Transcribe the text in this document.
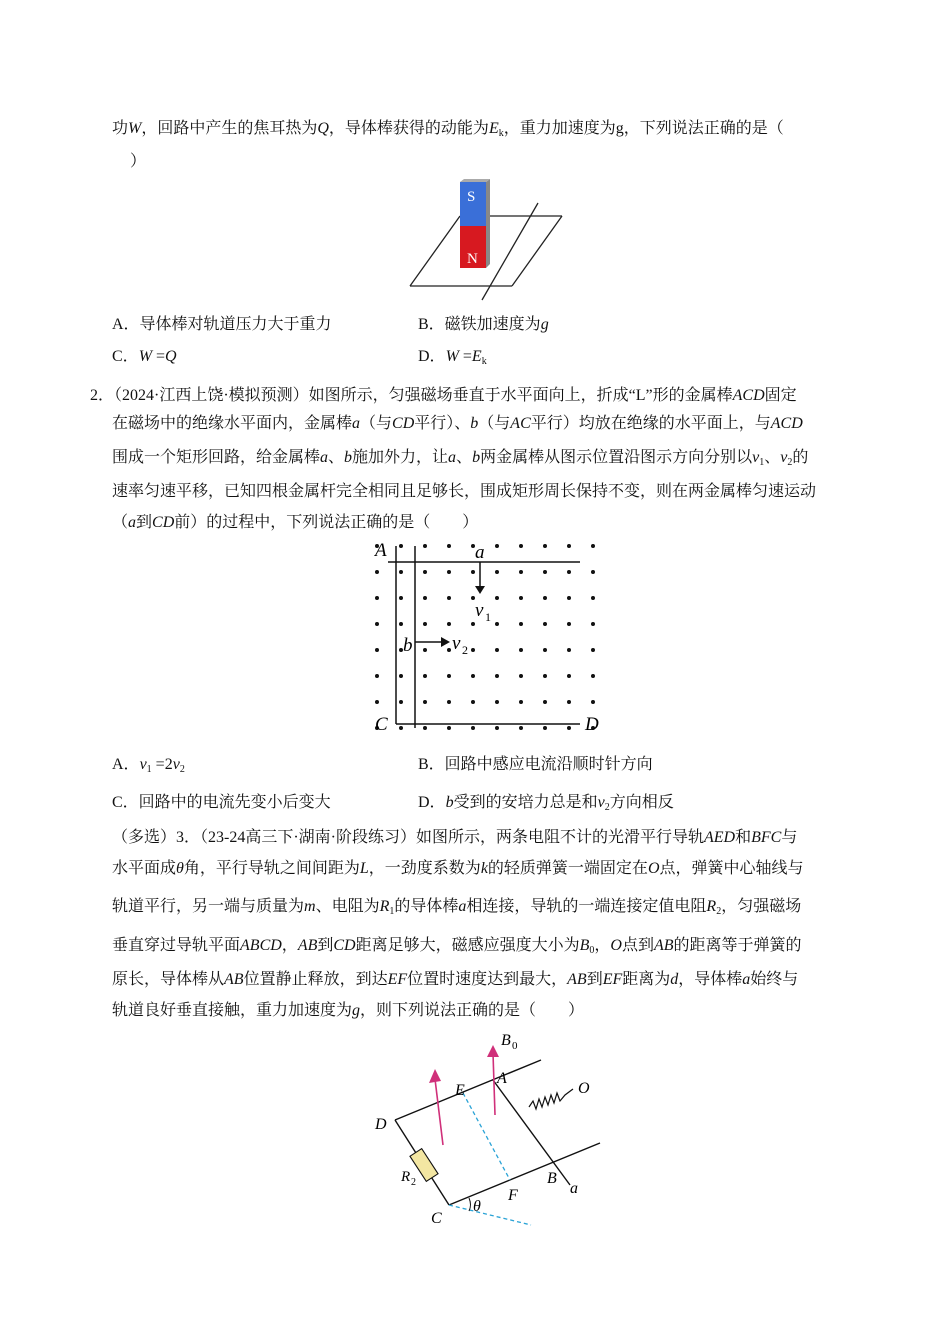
功W，回路中产生的焦耳热为Q，导体棒获得的动能为$E_k$，重力加速度为g，下列说法正确的是（
）
S
N
A．导体棒对轨道压力大于重力	B．磁铁加速度为g
C．W =Q	D．$W =E_k$
2．（2024·江西上饶·模拟预测）如图所示，匀强磁场垂直于水平面向上，折成“L”形的金属棒ACD固定
在磁场中的绝缘水平面内，金属棒a（与CD平行）、b（与AC平行）均放在绝缘的水平面上，与ACD
围成一个矩形回路，给金属棒a、b施加外力，让a、b两金属棒从图示位置沿图示方向分别以$v_1$、$v_2$的
速率匀速平移，已知四根金属杆完全相同且足够长，围成矩形周长保持不变，则在两金属棒匀速运动
（a到CD前）的过程中，下列说法正确的是（　　）
A	a
v 1
b v 2
C	D
A．$v_1 =2v_2$	B．回路中感应电流沿顺时针方向
C．回路中的电流先变小后变大	D．b受到的安培力总是和$v_2$方向相反
（多选）3．（23-24高三下·湖南·阶段练习）如图所示，两条电阻不计的光滑平行导轨AED和BFC与
水平面成θ角，平行导轨之间间距为L，一劲度系数为k的轻质弹簧一端固定在O点，弹簧中心轴线与
轨道平行，另一端与质量为m、电阻为$R_1$的导体棒a相连接，导轨的一端连接定值电阻$R_2$，匀强磁场
垂直穿过导轨平面ABCD，AB到CD距离足够大，磁感应强度大小为$B_0$，O点到AB的距离等于弹簧的
原长，导体棒从AB位置静止释放，到达EF位置时速度达到最大，AB到EF距离为d，导体棒a始终与
轨道良好垂直接触，重力加速度为g，则下列说法正确的是（　　）
B 0
E
A
O
D
R 2
F
B
a
θ
C
